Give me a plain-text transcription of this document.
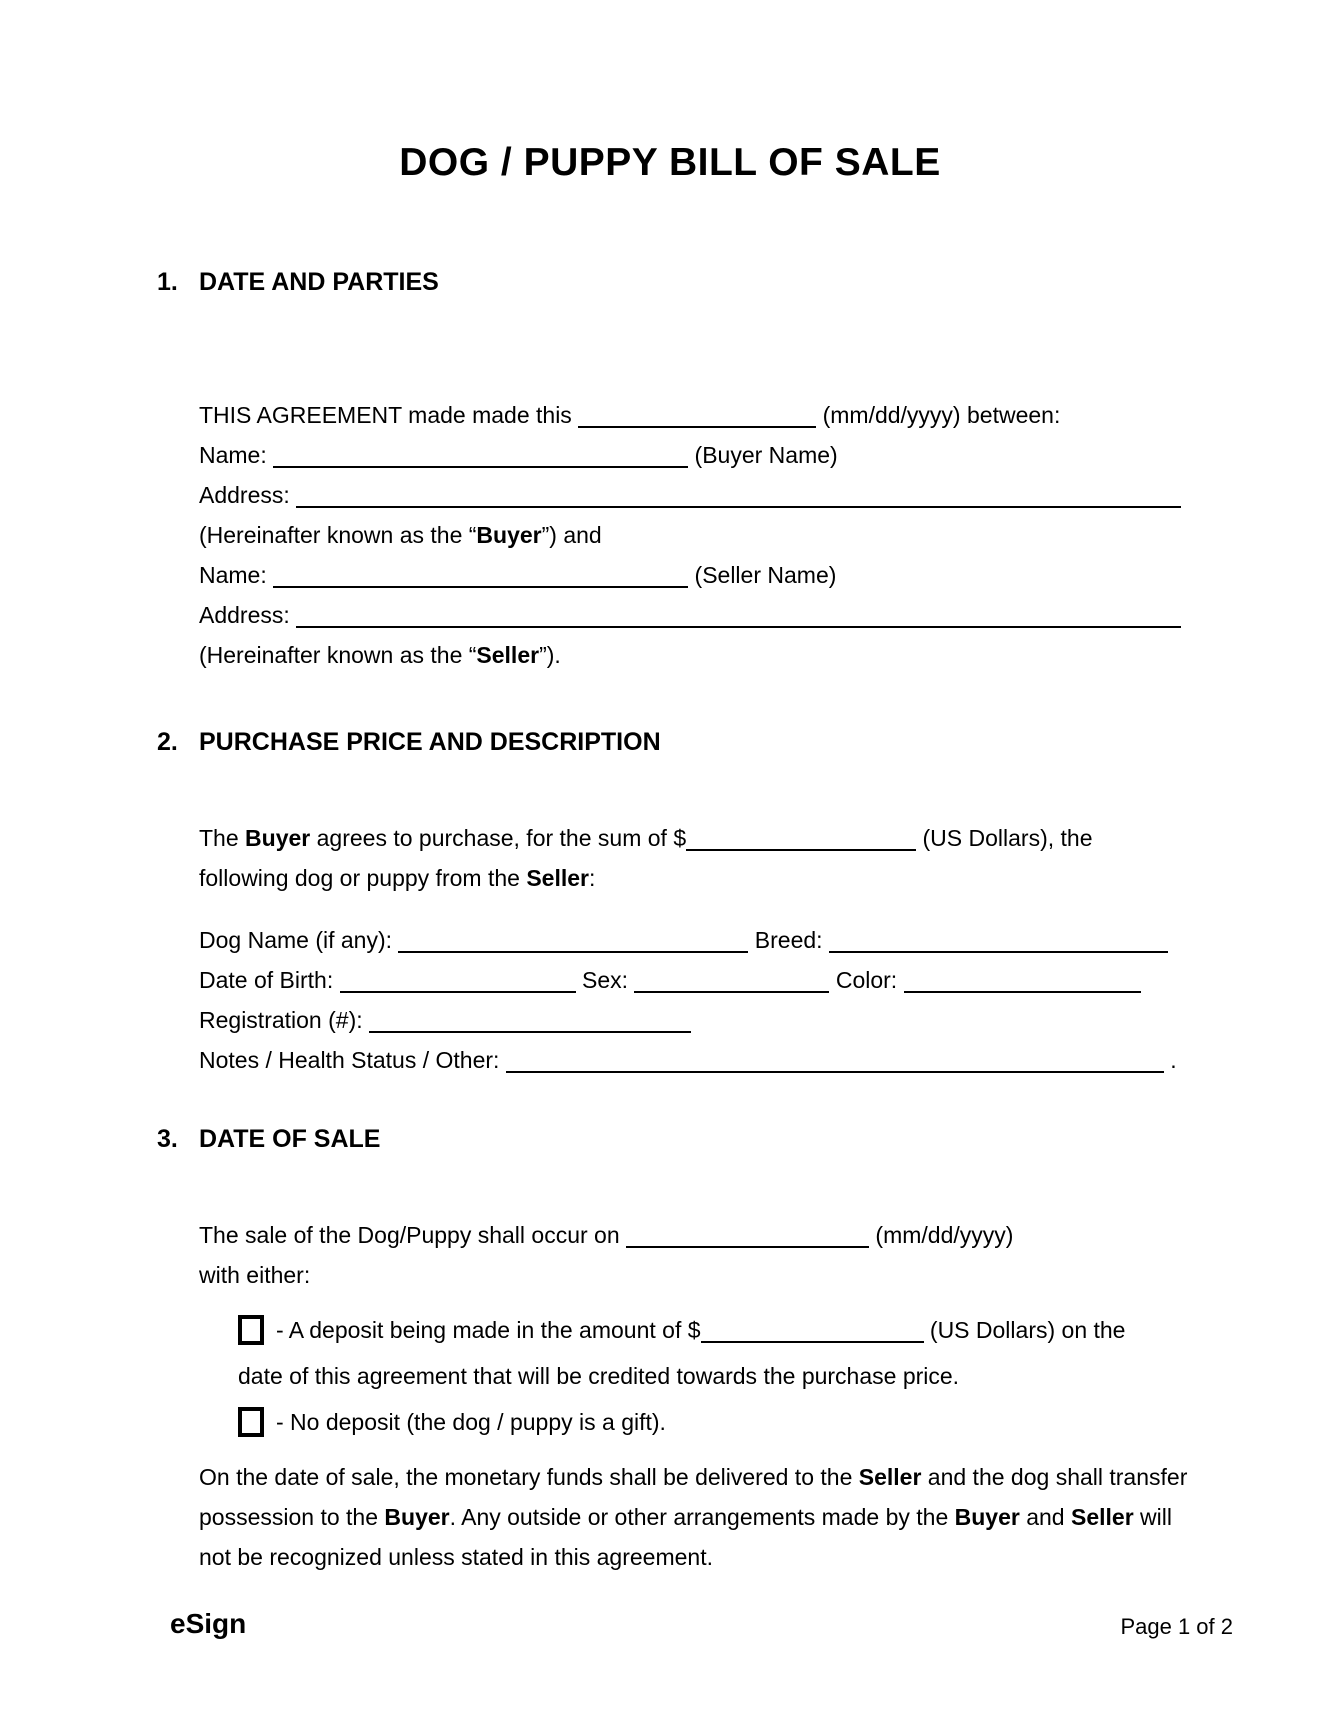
DOG / PUPPY BILL OF SALE
1. DATE AND PARTIES
THIS AGREEMENT made made this	(mm/dd/yyyy) between:
Name:	(Buyer Name)
Address:
(Hereinafter known as the “Buyer”) and
Name:	(Seller Name)
Address:
(Hereinafter known as the “Seller”).
2. PURCHASE PRICE AND DESCRIPTION
The Buyer agrees to purchase, for the sum of $	(US Dollars), the
following dog or puppy from the Seller:
Dog Name (if any):	Breed:
Date of Birth:	Sex:	Color:
Registration (#):
Notes / Health Status / Other:	.
3. DATE OF SALE
The sale of the Dog/Puppy shall occur on	(mm/dd/yyyy)
with either:
- A deposit being made in the amount of $	(US Dollars) on the
date of this agreement that will be credited towards the purchase price.
- No deposit (the dog / puppy is a gift).
On the date of sale, the monetary funds shall be delivered to the Seller and the dog shall transfer possession to the Buyer. Any outside or other arrangements made by the Buyer and Seller will not be recognized unless stated in this agreement.
eSign	Page 1 of 2
